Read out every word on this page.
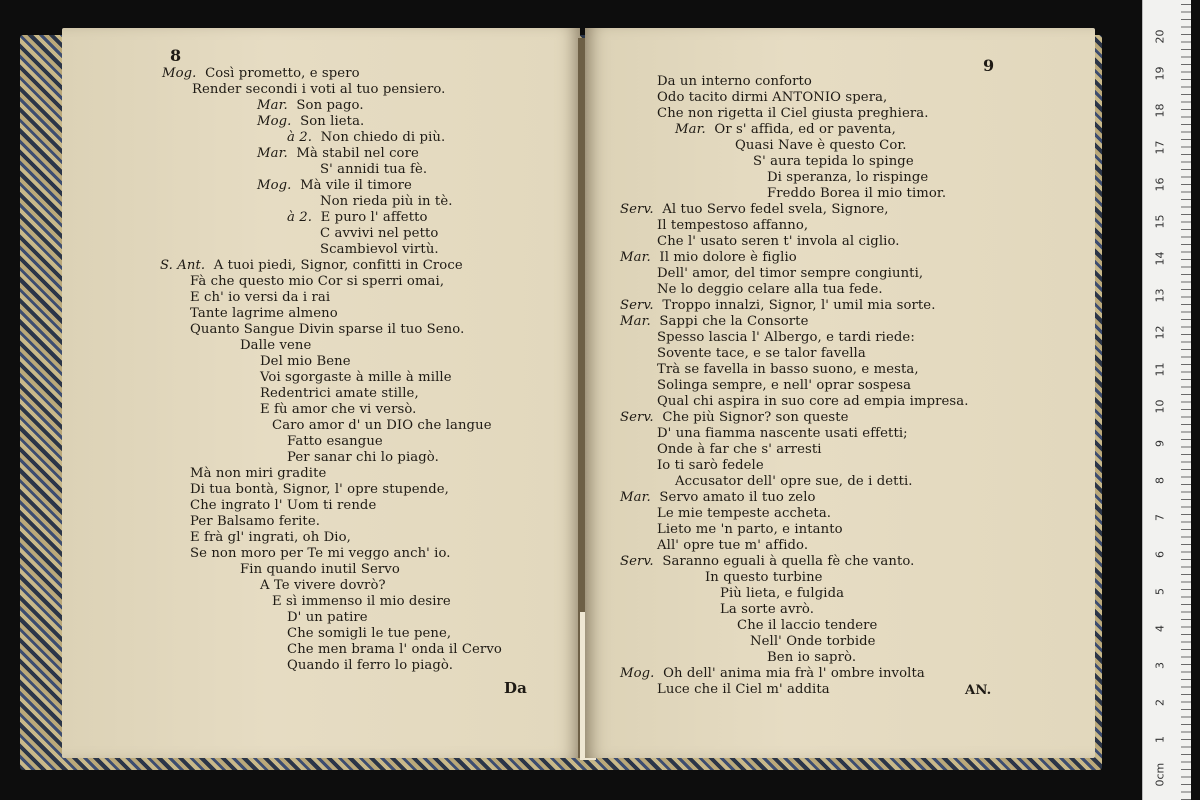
8
Mog. Così prometto, e spero
Render secondi i voti al tuo pensiero.
Mar. Son pago.
Mog. Son lieta.
à 2. Non chiedo di più.
Mar. Mà stabil nel core
S' annidi tua fè.
Mog. Mà vile il timore
Non rieda più in tè.
à 2. E puro l' affetto
C avvivi nel petto
Scambievol virtù.
S. Ant. A tuoi piedi, Signor, confitti in Croce
Fà che questo mio Cor si sperri omai,
E ch' io versi da i rai
Tante lagrime almeno
Quanto Sangue Divin sparse il tuo Seno.
Dalle vene
Del mio Bene
Voi sgorgaste à mille à mille
Redentrici amate stille,
E fù amor che vi versò.
Caro amor d' un DIO che langue
Fatto esangue
Per sanar chi lo piagò.
Mà non miri gradite
Di tua bontà, Signor, l' opre stupende,
Che ingrato l' Uom ti rende
Per Balsamo ferite.
E frà gl' ingrati, oh Dio,
Se non moro per Te mi veggo anch' io.
Fin quando inutil Servo
A Te vivere dovrò?
E sì immenso il mio desire
D' un patire
Che somigli le tue pene,
Che men brama l' onda il Cervo
Quando il ferro lo piagò.
Da
9
Da un interno conforto
Odo tacito dirmi ANTONIO spera,
Che non rigetta il Ciel giusta preghiera.
Mar. Or s' affida, ed or paventa,
Quasi Nave è questo Cor.
S' aura tepida lo spinge
Di speranza, lo rispinge
Freddo Borea il mio timor.
Serv. Al tuo Servo fedel svela, Signore,
Il tempestoso affanno,
Che l' usato seren t' invola al ciglio.
Mar. Il mio dolore è figlio
Dell' amor, del timor sempre congiunti,
Ne lo deggio celare alla tua fede.
Serv. Troppo innalzi, Signor, l' umil mia sorte.
Mar. Sappi che la Consorte
Spesso lascia l' Albergo, e tardi riede:
Sovente tace, e se talor favella
Trà se favella in basso suono, e mesta,
Solinga sempre, e nell' oprar sospesa
Qual chi aspira in suo core ad empia impresa.
Serv. Che più Signor? son queste
D' una fiamma nascente usati effetti;
Onde à far che s' arresti
Io ti sarò fedele
Accusator dell' opre sue, de i detti.
Mar. Servo amato il tuo zelo
Le mie tempeste accheta.
Lieto me 'n parto, e intanto
All' opre tue m' affido.
Serv. Saranno eguali à quella fè che vanto.
In questo turbine
Più lieta, e fulgida
La sorte avrò.
Che il laccio tendere
Nell' Onde torbide
Ben io saprò.
Mog. Oh dell' anima mia frà l' ombre involta
Luce che il Ciel m' addita	AN.
0cm
1
2
3
4
5
6
7
8
9
10
11
12
13
14
15
16
17
18
19
20
